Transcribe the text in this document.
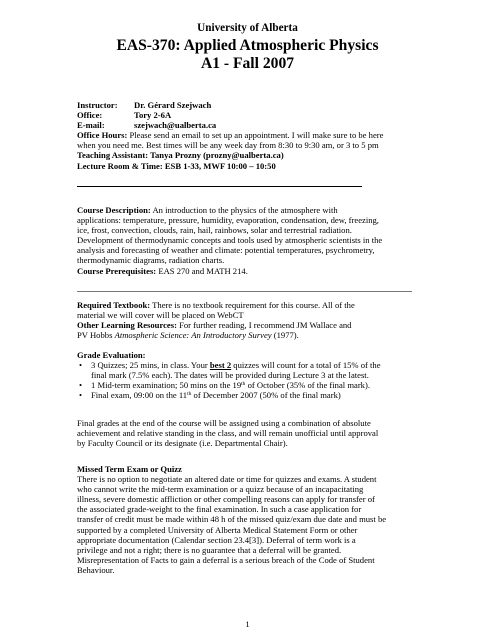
University of Alberta
EAS-370: Applied Atmospheric Physics
A1 - Fall 2007

Instructor: Dr. Gérard Szejwach

Office:	Tory 2-6A

E-mail:	szejwach@ualberta.ca

Office Hours: Please send an email to set up an appointment. I will make sure to be here

when you need me. Best times will be any week day from 8:30 to 9:30 am, or 3 to 5 pm

Teaching Assistant: Tanya Prozny (prozny@ualberta.ca)

Lecture Room & Time: ESB 1-33, MWF 10:00 – 10:50

Course Description: An introduction to the physics of the atmosphere with

applications: temperature, pressure, humidity, evaporation, condensation, dew, freezing,

ice, frost, convection, clouds, rain, hail, rainbows, solar and terrestrial radiation.

Development of thermodynamic concepts and tools used by atmospheric scientists in the

analysis and forecasting of weather and climate: potential temperatures, psychrometry,

thermodynamic diagrams, radiation charts.

Course Prerequisites: EAS 270 and MATH 214.

Required Textbook: There is no textbook requirement for this course. All of the

material we will cover will be placed on WebCT

Other Learning Resources: For further reading, I recommend JM Wallace and

PV Hobbs Atmospheric Science: An Introductory Survey (1977).

Grade Evaluation:

• 3 Quizzes; 25 mins, in class. Your best 2 quizzes will count for a total of 15% of the
final mark (7.5% each). The dates will be provided during Lecture 3 at the latest.
• 1 Mid-term examination; 50 mins on the 19th of October (35% of the final mark).
• Final exam, 09:00 on the 11th of December 2007 (50% of the final mark)

Final grades at the end of the course will be assigned using a combination of absolute

achievement and relative standing in the class, and will remain unofficial until approval

by Faculty Council or its designate (i.e. Departmental Chair).

Missed Term Exam or Quizz

There is no option to negotiate an altered date or time for quizzes and exams. A student

who cannot write the mid-term examination or a quizz because of an incapacitating

illness, severe domestic affliction or other compelling reasons can apply for transfer of

the associated grade-weight to the final examination. In such a case application for

transfer of credit must be made within 48 h of the missed quiz/exam due date and must be

supported by a completed University of Alberta Medical Statement Form or other

appropriate documentation (Calendar section 23.4[3]). Deferral of term work is a

privilege and not a right; there is no guarantee that a deferral will be granted.

Misrepresentation of Facts to gain a deferral is a serious breach of the Code of Student

Behaviour.

1
